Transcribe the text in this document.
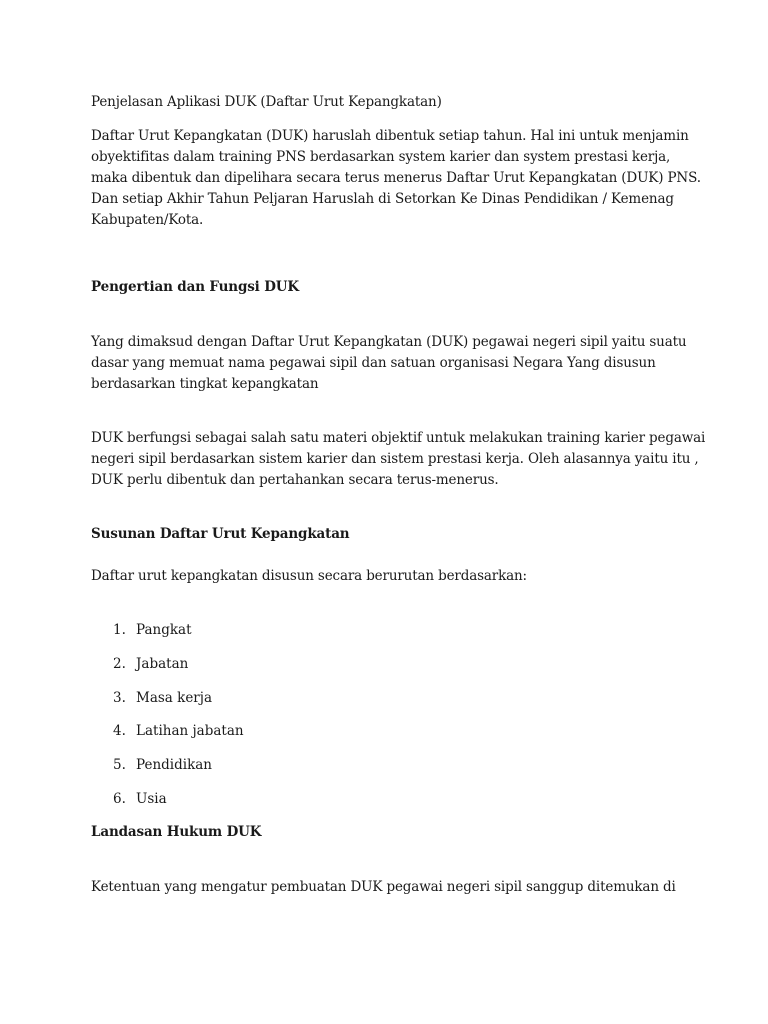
Penjelasan Aplikasi DUK (Daftar Urut Kepangkatan)

Daftar Urut Kepangkatan (DUK) haruslah dibentuk setiap tahun. Hal ini untuk menjamin

obyektifitas dalam training PNS berdasarkan system karier dan system prestasi kerja,

maka dibentuk dan dipelihara secara terus menerus Daftar Urut Kepangkatan (DUK) PNS.

Dan setiap Akhir Tahun Peljaran Haruslah di Setorkan Ke Dinas Pendidikan / Kemenag

Kabupaten/Kota.

Pengertian dan Fungsi DUK

Yang dimaksud dengan Daftar Urut Kepangkatan (DUK) pegawai negeri sipil yaitu suatu

dasar yang memuat nama pegawai sipil dan satuan organisasi Negara Yang disusun

berdasarkan tingkat kepangkatan

DUK berfungsi sebagai salah satu materi objektif untuk melakukan training karier pegawai

negeri sipil berdasarkan sistem karier dan sistem prestasi kerja. Oleh alasannya yaitu itu ,

DUK perlu dibentuk dan pertahankan secara terus-menerus.

Susunan Daftar Urut Kepangkatan

Daftar urut kepangkatan disusun secara berurutan berdasarkan:

1. Pangkat

2. Jabatan

3. Masa kerja

4. Latihan jabatan

5. Pendidikan

6. Usia

Landasan Hukum DUK

Ketentuan yang mengatur pembuatan DUK pegawai negeri sipil sanggup ditemukan di
